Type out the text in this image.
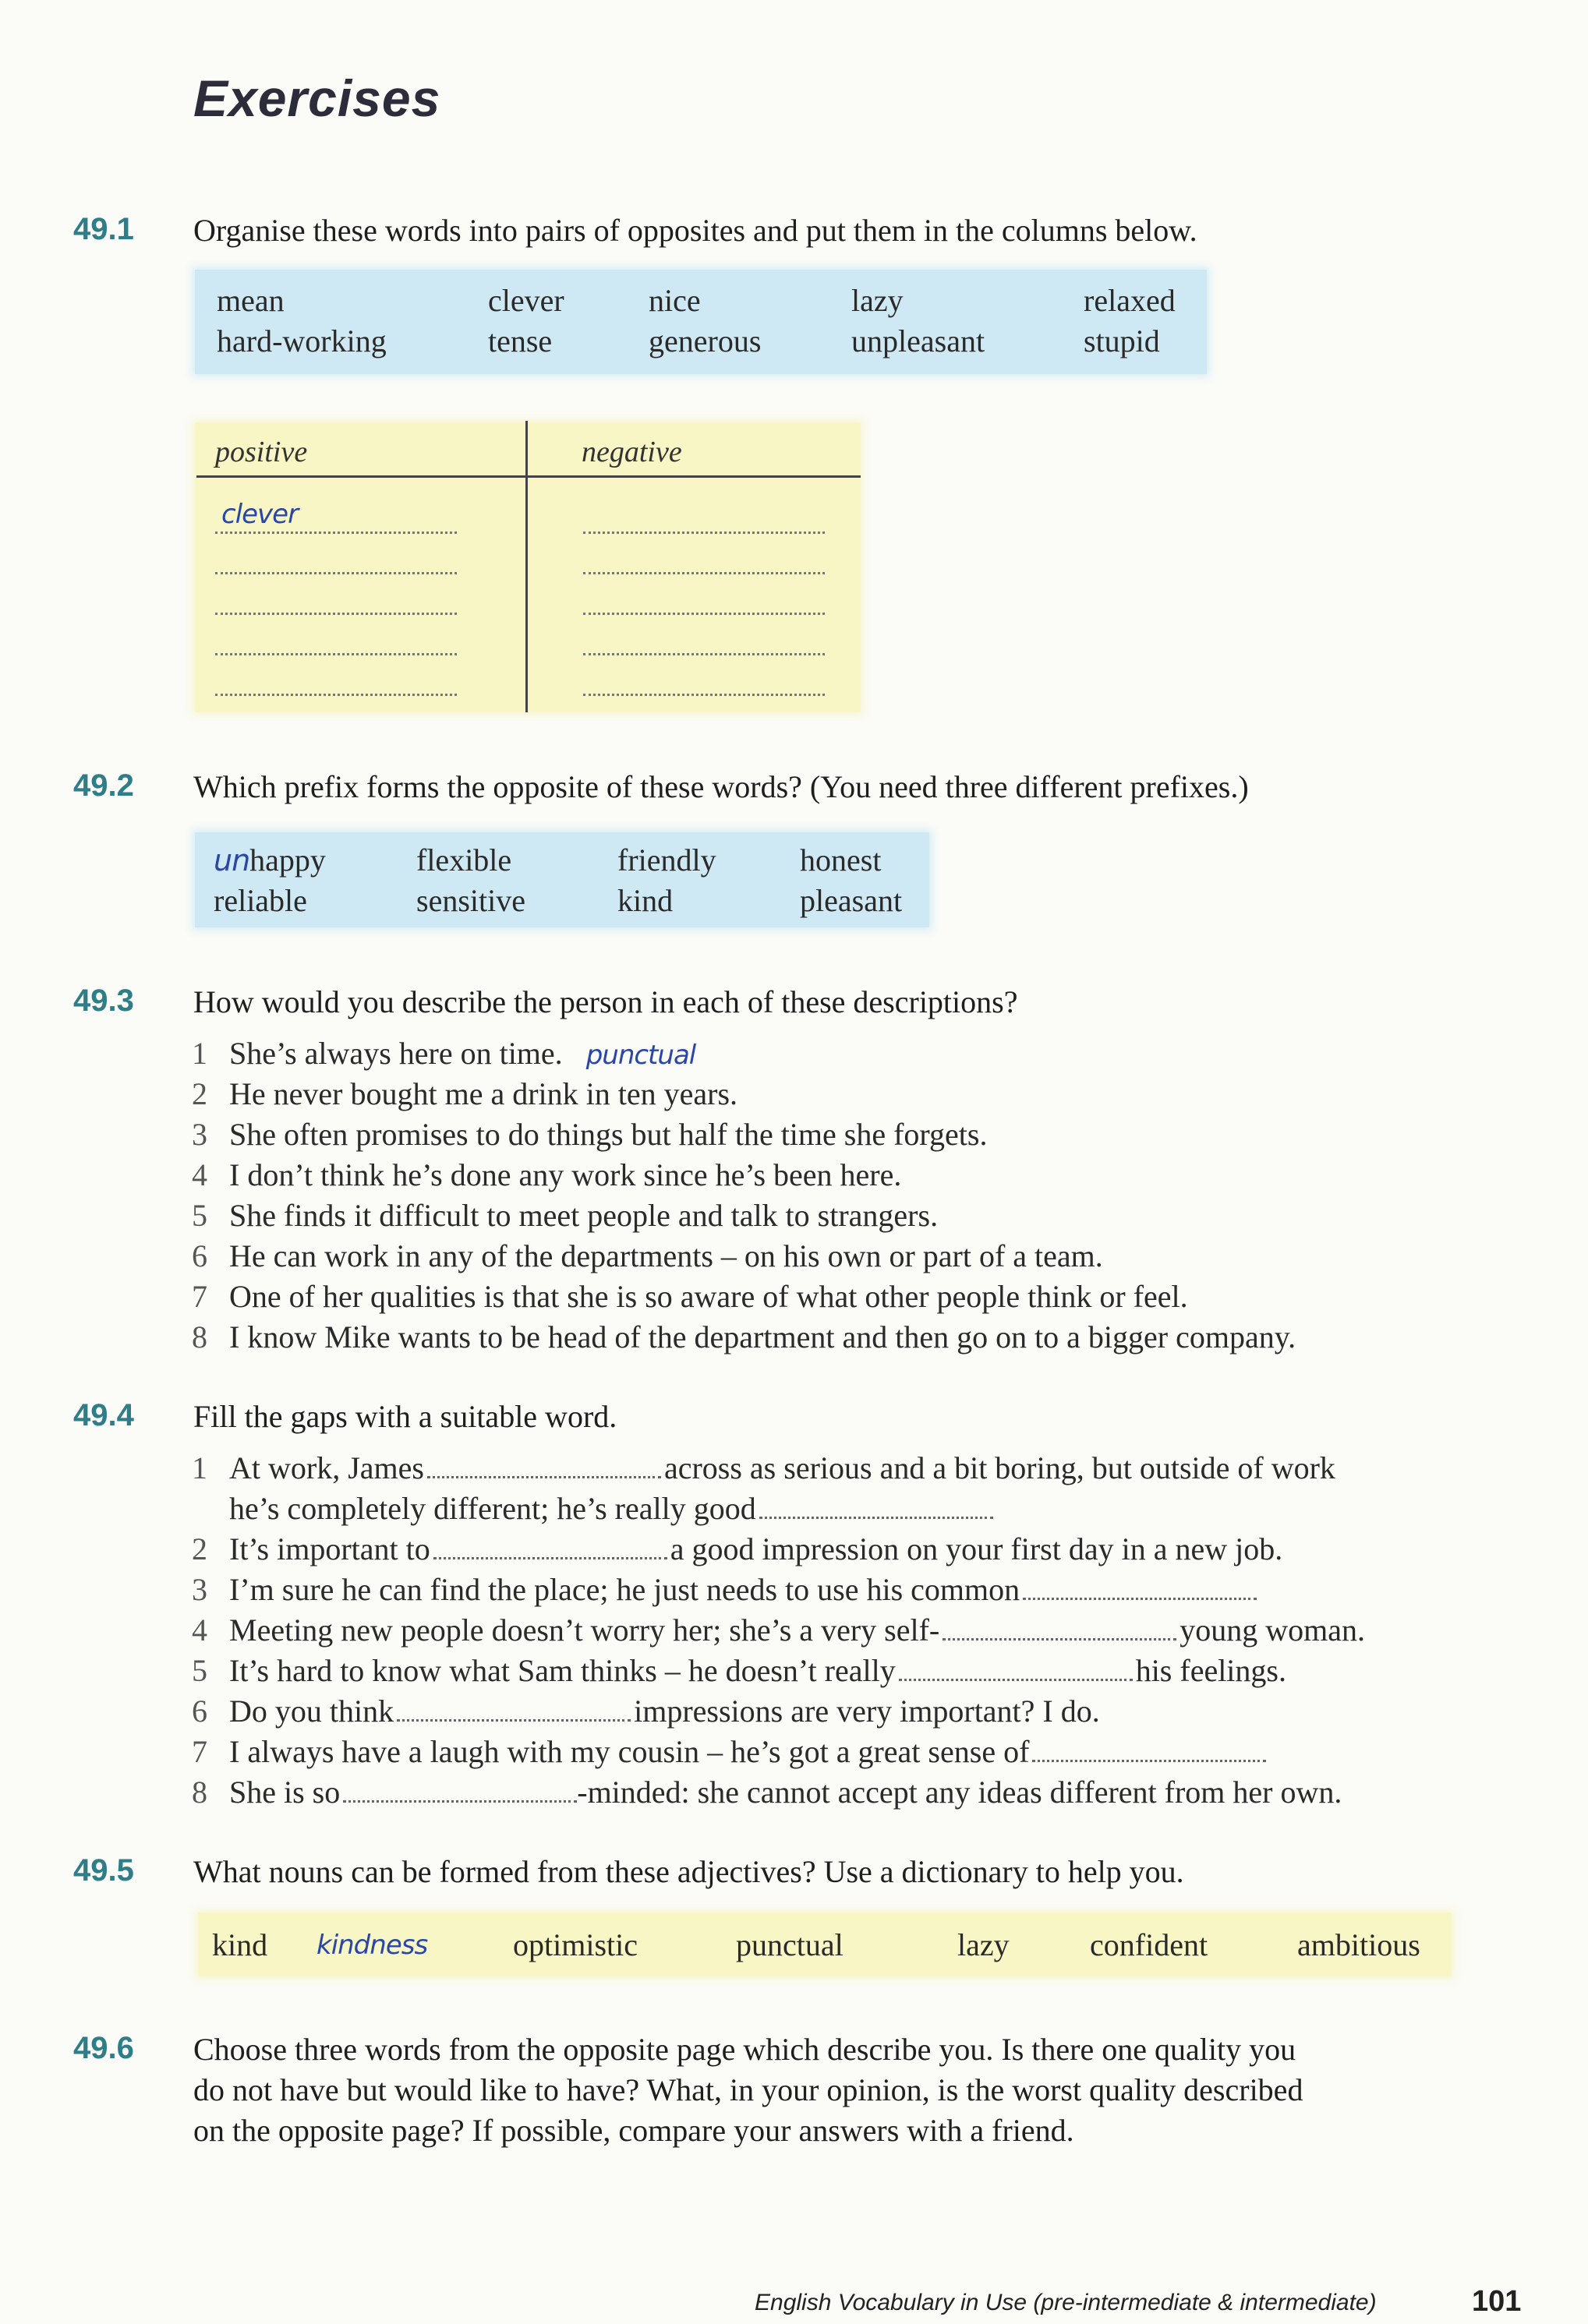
Exercises
49.1 Organise these words into pairs of opposites and put them in the columns below.
mean	clever	nice	lazy	relaxed
hard-working	tense	generous	unpleasant	stupid
positive	negative
clever
49.2 Which prefix forms the opposite of these words? (You need three different prefixes.)
unhappy	flexible	friendly	honest
reliable	sensitive	kind	pleasant
49.3 How would you describe the person in each of these descriptions?
1 She’s always here on time. punctual
2 He never bought me a drink in ten years.
3 She often promises to do things but half the time she forgets.
4 I don’t think he’s done any work since he’s been here.
5 She finds it difficult to meet people and talk to strangers.
6 He can work in any of the departments – on his own or part of a team.
7 One of her qualities is that she is so aware of what other people think or feel.
8 I know Mike wants to be head of the department and then go on to a bigger company.
49.4 Fill the gaps with a suitable word.
1 At work, James	across as serious and a bit boring, but outside of work
he’s completely different; he’s really good
2 It’s important to	a good impression on your first day in a new job.
3 I’m sure he can find the place; he just needs to use his common
4 Meeting new people doesn’t worry her; she’s a very self-	young woman.
5 It’s hard to know what Sam thinks – he doesn’t really	his feelings.
6 Do you think	impressions are very important? I do.
7 I always have a laugh with my cousin – he’s got a great sense of
8 She is so	-minded: she cannot accept any ideas different from her own.
49.5 What nouns can be formed from these adjectives? Use a dictionary to help you.
kind kindness	optimistic	punctual	lazy	confident	ambitious
49.6 Choose three words from the opposite page which describe you. Is there one quality you
do not have but would like to have? What, in your opinion, is the worst quality described
on the opposite page? If possible, compare your answers with a friend.
English Vocabulary in Use (pre-intermediate & intermediate)	101
